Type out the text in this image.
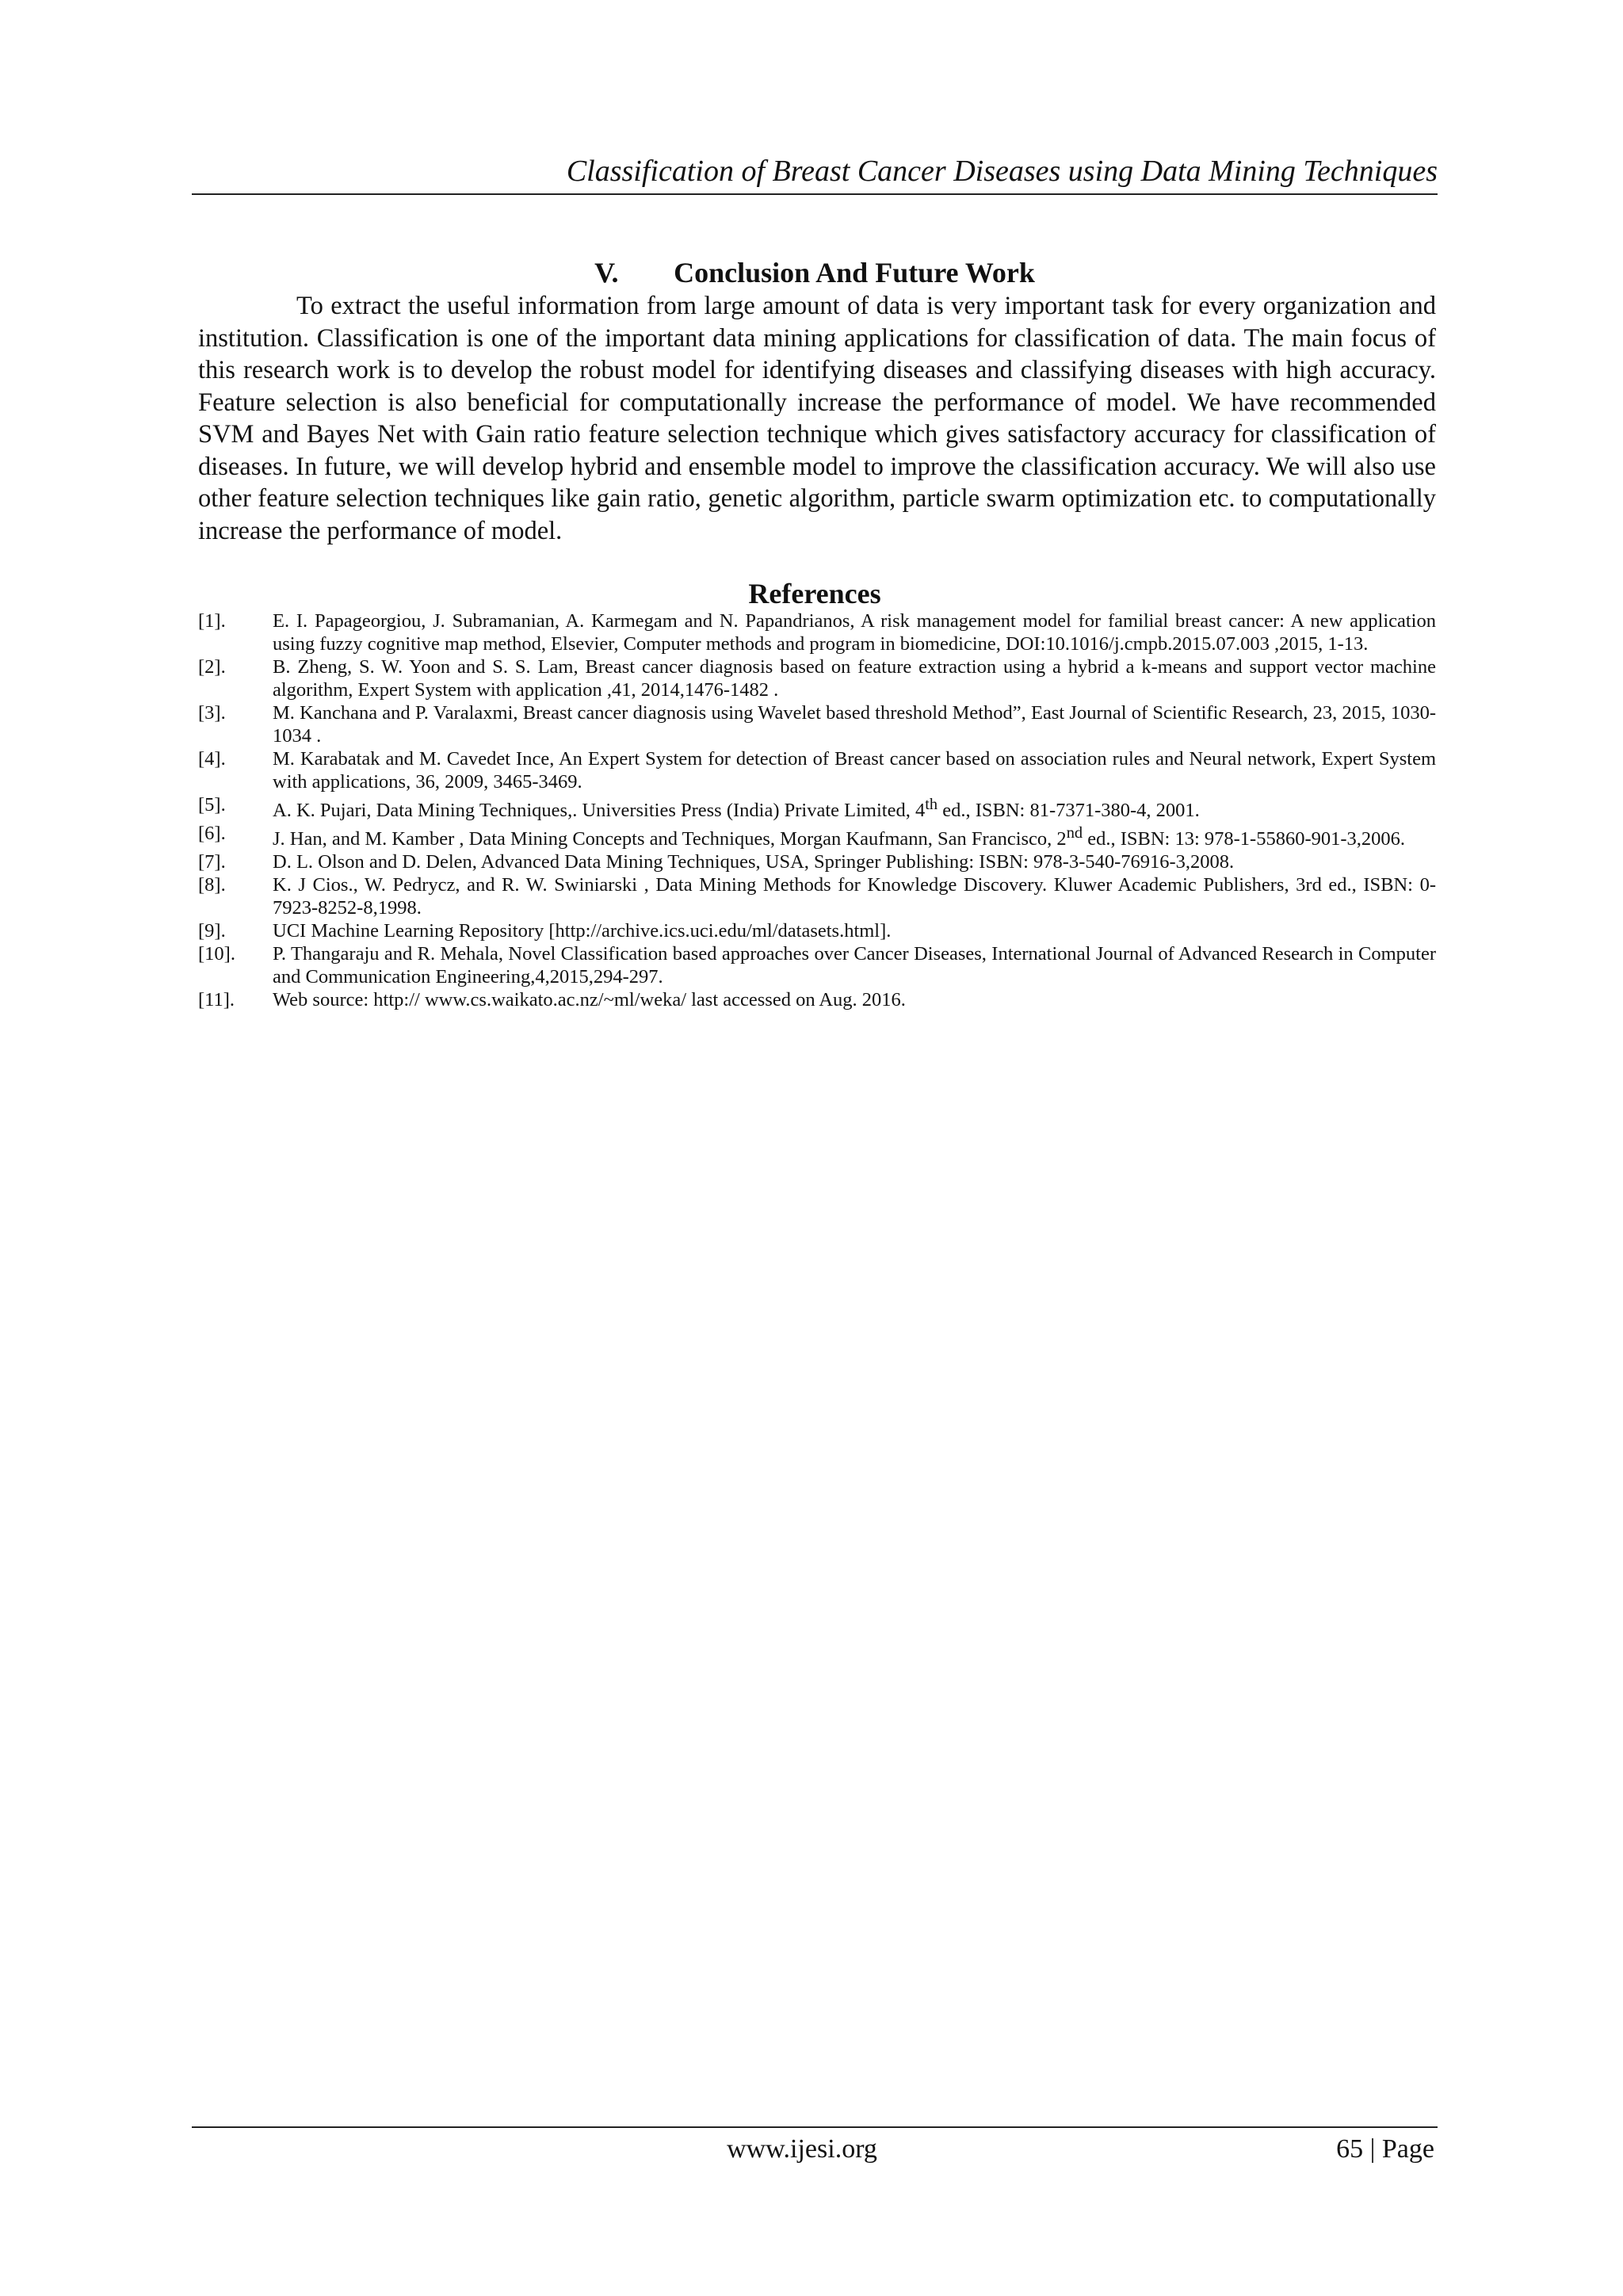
Classification of Breast Cancer Diseases using Data Mining Techniques
V. Conclusion And Future Work

To extract the useful information from large amount of data is very important task for every organization and institution. Classification is one of the important data mining applications for classification of data. The main focus of this research work is to develop the robust model for identifying diseases and classifying diseases with high accuracy. Feature selection is also beneficial for computationally increase the performance of model. We have recommended SVM and Bayes Net with Gain ratio feature selection technique which gives satisfactory accuracy for classification of diseases. In future, we will develop hybrid and ensemble model to improve the classification accuracy. We will also use other feature selection techniques like gain ratio, genetic algorithm, particle swarm optimization etc. to computationally increase the performance of model.

References
[1].	E. I. Papageorgiou, J. Subramanian, A. Karmegam and N. Papandrianos, A risk management model for familial breast cancer: A new application using fuzzy cognitive map method, Elsevier, Computer methods and program in biomedicine, DOI:10.1016/j.cmpb.2015.07.003 ,2015, 1-13.
[2].	B. Zheng, S. W. Yoon and S. S. Lam, Breast cancer diagnosis based on feature extraction using a hybrid a k-means and support vector machine algorithm, Expert System with application ,41, 2014,1476-1482 .
[3].	M. Kanchana and P. Varalaxmi, Breast cancer diagnosis using Wavelet based threshold Method”, East Journal of Scientific Research, 23, 2015, 1030-1034 .
[4].	M. Karabatak and M. Cavedet Ince, An Expert System for detection of Breast cancer based on association rules and Neural network, Expert System with applications, 36, 2009, 3465-3469.
[5].	A. K. Pujari, Data Mining Techniques,. Universities Press (India) Private Limited, 4th ed., ISBN: 81-7371-380-4, 2001.
[6].	J. Han, and M. Kamber , Data Mining Concepts and Techniques, Morgan Kaufmann, San Francisco, 2nd ed., ISBN: 13: 978-1-55860-901-3,2006.
[7].	D. L. Olson and D. Delen, Advanced Data Mining Techniques, USA, Springer Publishing: ISBN: 978-3-540-76916-3,2008.
[8].	K. J Cios., W. Pedrycz, and R. W. Swiniarski , Data Mining Methods for Knowledge Discovery. Kluwer Academic Publishers, 3rd ed., ISBN: 0-7923-8252-8,1998.
[9].	UCI Machine Learning Repository [http://archive.ics.uci.edu/ml/datasets.html].
[10].	P. Thangaraju and R. Mehala, Novel Classification based approaches over Cancer Diseases, International Journal of Advanced Research in Computer and Communication Engineering,4,2015,294-297.
[11].	Web source: http:// www.cs.waikato.ac.nz/~ml/weka/ last accessed on Aug. 2016.
www.ijesi.org	65 | Page
